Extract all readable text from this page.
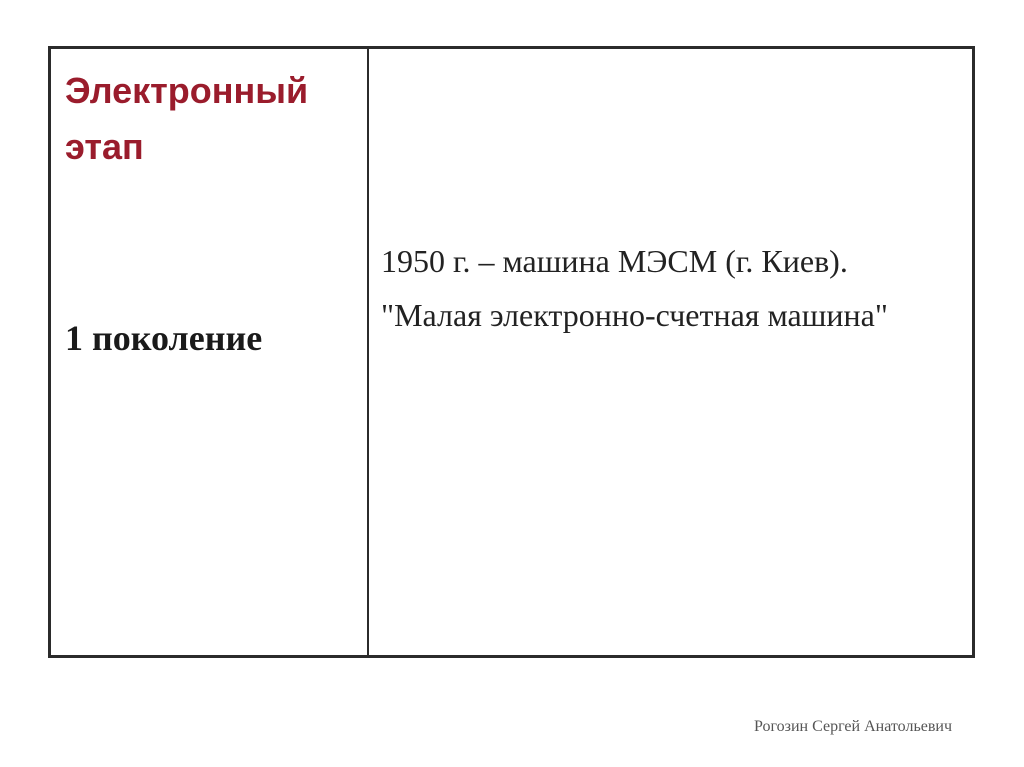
Электронный этап

1 поколение

1950 г. – машина МЭСМ (г. Киев).

"Малая электронно-счетная машина"

Рогозин Сергей Анатольевич
